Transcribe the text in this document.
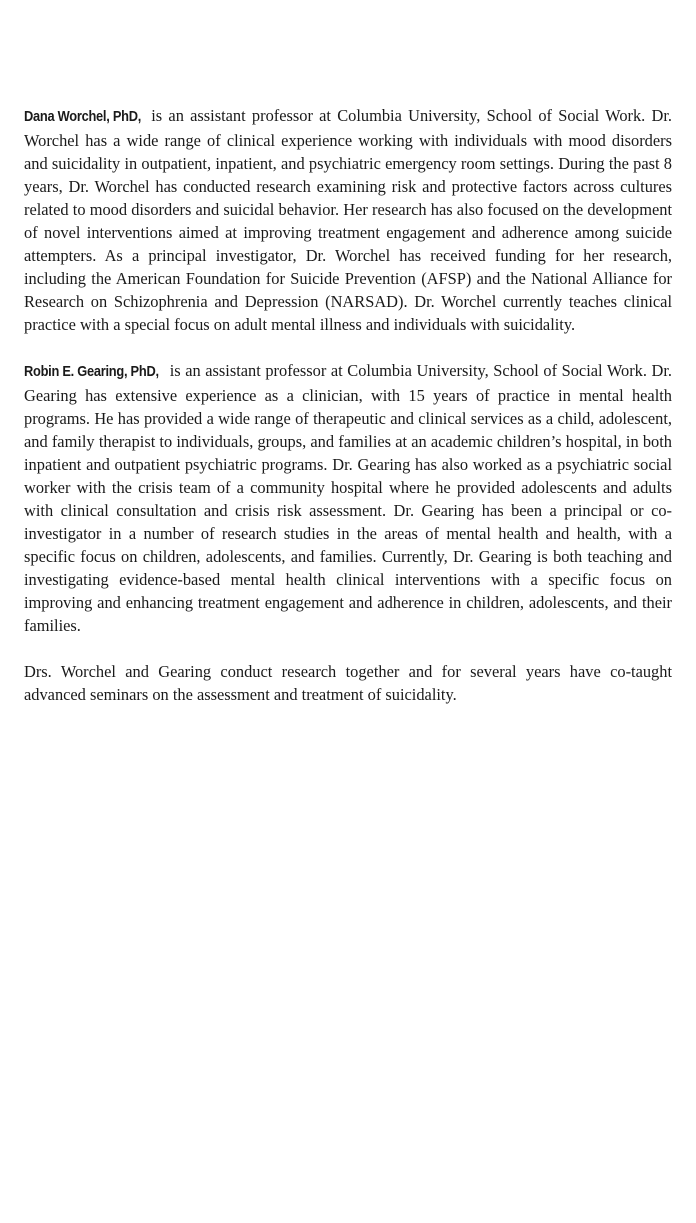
Dana Worchel, PhD, is an assistant professor at Columbia University, School of Social Work. Dr. Worchel has a wide range of clinical experience working with individuals with mood disorders and suicidality in outpatient, inpatient, and psychiatric emergency room settings. During the past 8 years, Dr. Worchel has conducted research examining risk and protective factors across cultures related to mood disorders and suicidal behavior. Her research has also focused on the development of novel interventions aimed at improving treatment engagement and adherence among suicide attempters. As a principal investigator, Dr. Worchel has received funding for her research, including the American Foundation for Suicide Prevention (AFSP) and the National Alliance for Research on Schizophrenia and Depression (NARSAD). Dr. Worchel currently teaches clinical practice with a special focus on adult mental illness and individuals with suicidality.

Robin E. Gearing, PhD, is an assistant professor at Columbia University, School of Social Work. Dr. Gearing has extensive experience as a clinician, with 15 years of practice in mental health programs. He has provided a wide range of therapeutic and clinical services as a child, adolescent, and family therapist to individuals, groups, and families at an academic children’s hospital, in both inpatient and outpatient psychiatric programs. Dr. Gearing has also worked as a psychiatric social worker with the crisis team of a community hospital where he provided adolescents and adults with clinical consultation and crisis risk assessment. Dr. Gearing has been a principal or co-investigator in a number of research studies in the areas of mental health and health, with a specific focus on children, adolescents, and families. Currently, Dr. Gearing is both teaching and investigating evidence-based mental health clinical interventions with a specific focus on improving and enhancing treatment engagement and adherence in children, adolescents, and their families.

Drs. Worchel and Gearing conduct research together and for several years have co-taught advanced seminars on the assessment and treatment of suicidality.
